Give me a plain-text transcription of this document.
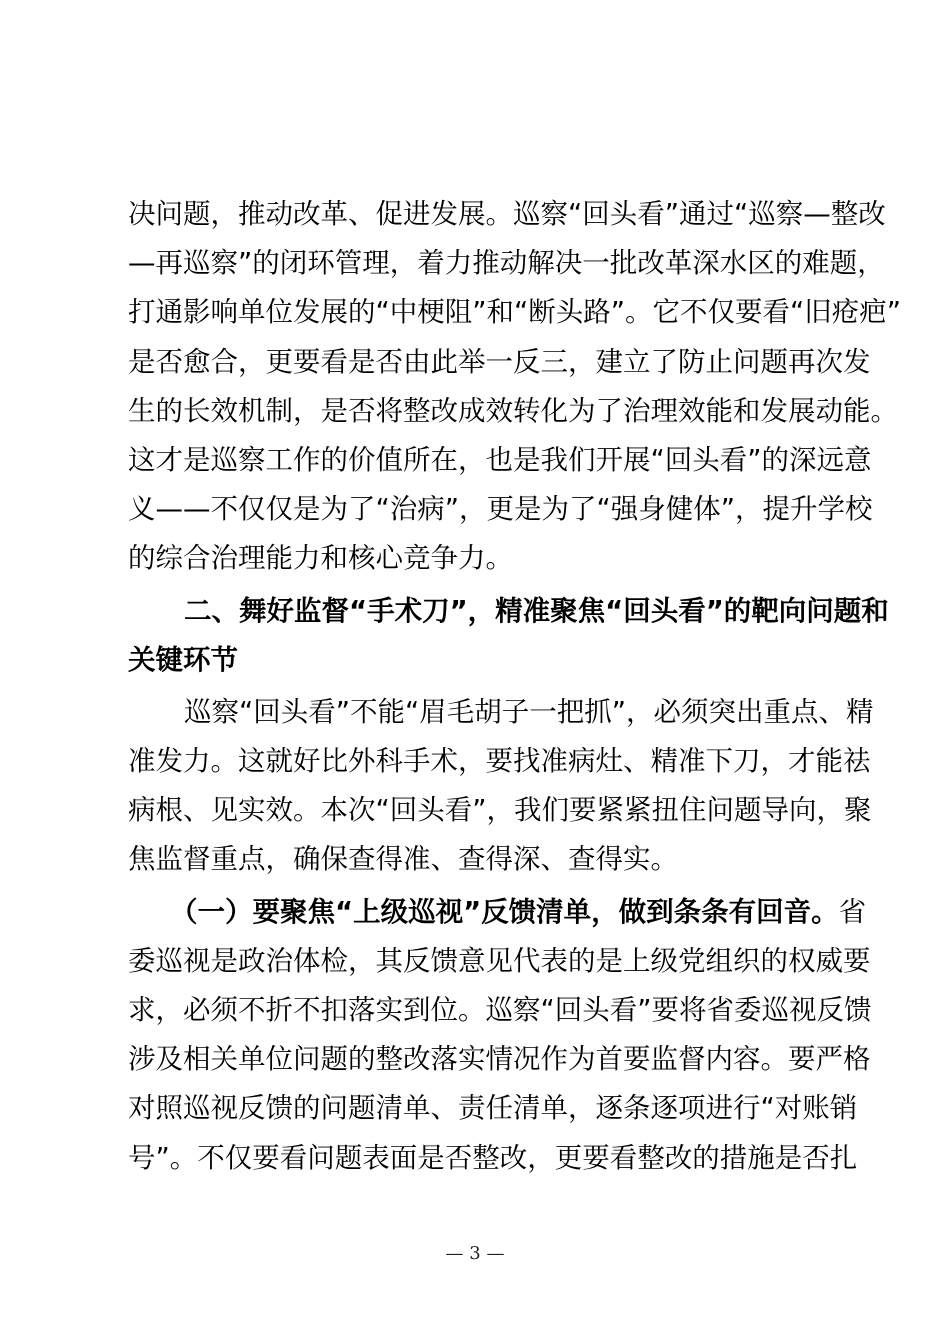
决问题，推动改革、促进发展。巡察“回头看”通过“巡察—整改
—再巡察”的闭环管理，着力推动解决一批改革深水区的难题，
打通影响单位发展的“中梗阻”和“断头路”。它不仅要看“旧疮疤”
是否愈合，更要看是否由此举一反三，建立了防止问题再次发
生的长效机制，是否将整改成效转化为了治理效能和发展动能。
这才是巡察工作的价值所在，也是我们开展“回头看”的深远意
义——不仅仅是为了“治病”，更是为了“强身健体”，提升学校
的综合治理能力和核心竞争力。
二、舞好监督“手术刀”，精准聚焦“回头看”的靶向问题和
关键环节
巡察“回头看”不能“眉毛胡子一把抓”，必须突出重点、精
准发力。这就好比外科手术，要找准病灶、精准下刀，才能祛
病根、见实效。本次“回头看”，我们要紧紧扭住问题导向，聚
焦监督重点，确保查得准、查得深、查得实。
（一）要聚焦“上级巡视”反馈清单，做到条条有回音。省
委巡视是政治体检，其反馈意见代表的是上级党组织的权威要
求，必须不折不扣落实到位。巡察“回头看”要将省委巡视反馈
涉及相关单位问题的整改落实情况作为首要监督内容。要严格
对照巡视反馈的问题清单、责任清单，逐条逐项进行“对账销
号”。不仅要看问题表面是否整改，更要看整改的措施是否扎
— 3 —
